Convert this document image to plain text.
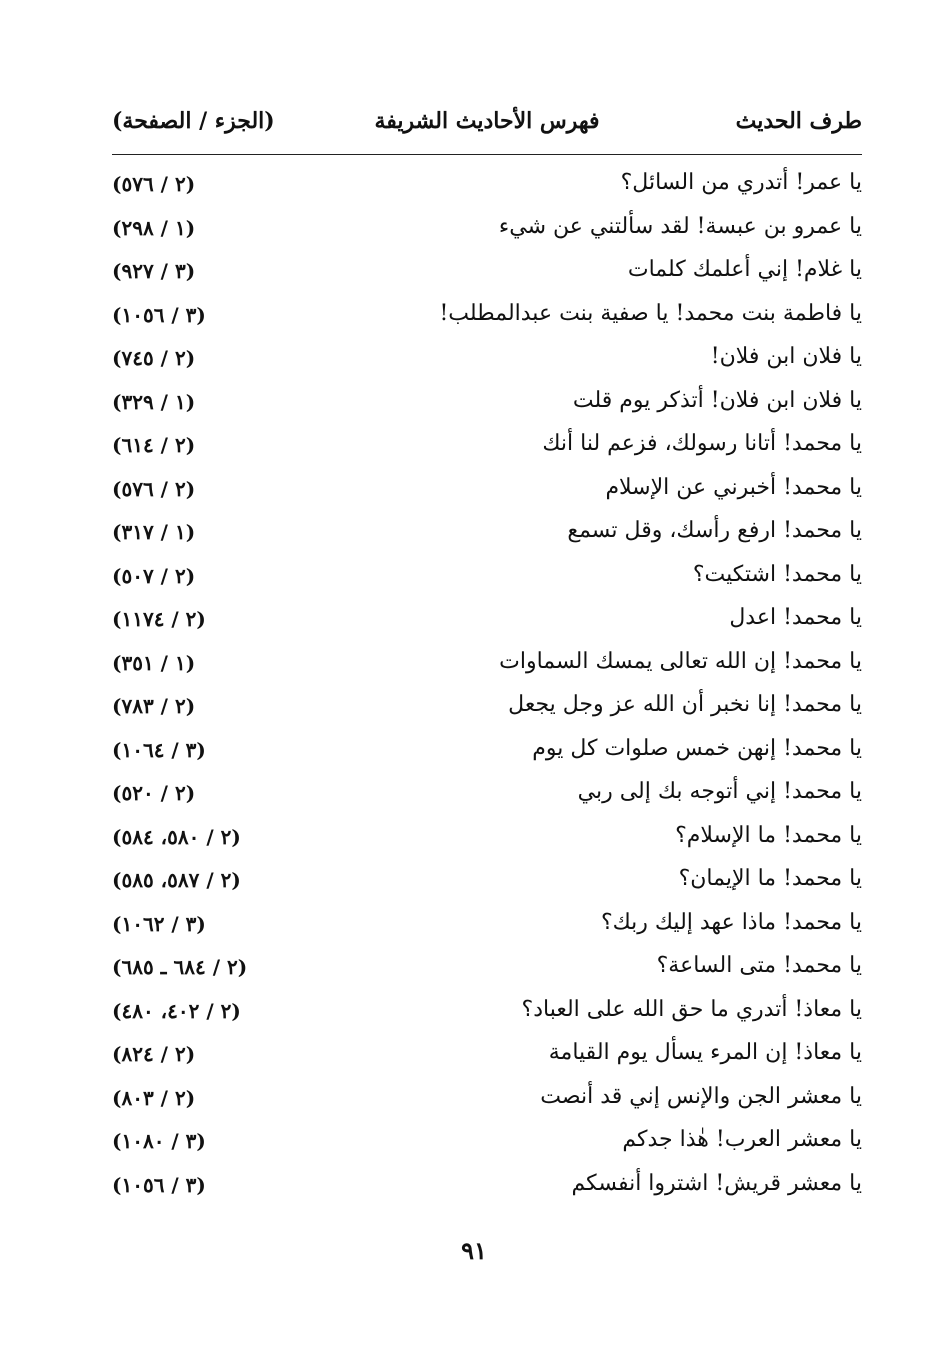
طرف الحديث
فهرس الأحاديث الشريفة
(الجزء / الصفحة)
يا عمر! أتدري من السائل؟
(٢ / ٥٧٦)
يا عمرو بن عبسة! لقد سألتني عن شيء
(١ / ٢٩٨)
يا غلام! إني أعلمك كلمات
(٣ / ٩٢٧)
يا فاطمة بنت محمد! يا صفية بنت عبدالمطلب!
(٣ / ١٠٥٦)
يا فلان ابن فلان!
(٢ / ٧٤٥)
يا فلان ابن فلان! أتذكر يوم قلت
(١ / ٣٢٩)
يا محمد! أتانا رسولك، فزعم لنا أنك
(٢ / ٦١٤)
يا محمد! أخبرني عن الإسلام
(٢ / ٥٧٦)
يا محمد! ارفع رأسك، وقل تسمع
(١ / ٣١٧)
يا محمد! اشتكيت؟
(٢ / ٥٠٧)
يا محمد! اعدل
(٢ / ١١٧٤)
يا محمد! إن الله تعالى يمسك السماوات
(١ / ٣٥١)
يا محمد! إنا نخبر أن الله عز وجل يجعل
(٢ / ٧٨٣)
يا محمد! إنهن خمس صلوات كل يوم
(٣ / ١٠٦٤)
يا محمد! إني أتوجه بك إلى ربي
(٢ / ٥٢٠)
يا محمد! ما الإسلام؟
(٢ / ٥٨٠، ٥٨٤)
يا محمد! ما الإيمان؟
(٢ / ٥٨٧، ٥٨٥)
يا محمد! ماذا عهد إليك ربك؟
(٣ / ١٠٦٢)
يا محمد! متى الساعة؟
(٢ / ٦٨٤ ـ ٦٨٥)
يا معاذ! أتدري ما حق الله على العباد؟
(٢ / ٤٠٢، ٤٨٠)
يا معاذ! إن المرء يسأل يوم القيامة
(٢ / ٨٢٤)
يا معشر الجن والإنس إني قد أنصت
(٢ / ٨٠٣)
يا معشر العرب! هٰذا جدكم
(٣ / ١٠٨٠)
يا معشر قريش! اشتروا أنفسكم
(٣ / ١٠٥٦)
٩١
